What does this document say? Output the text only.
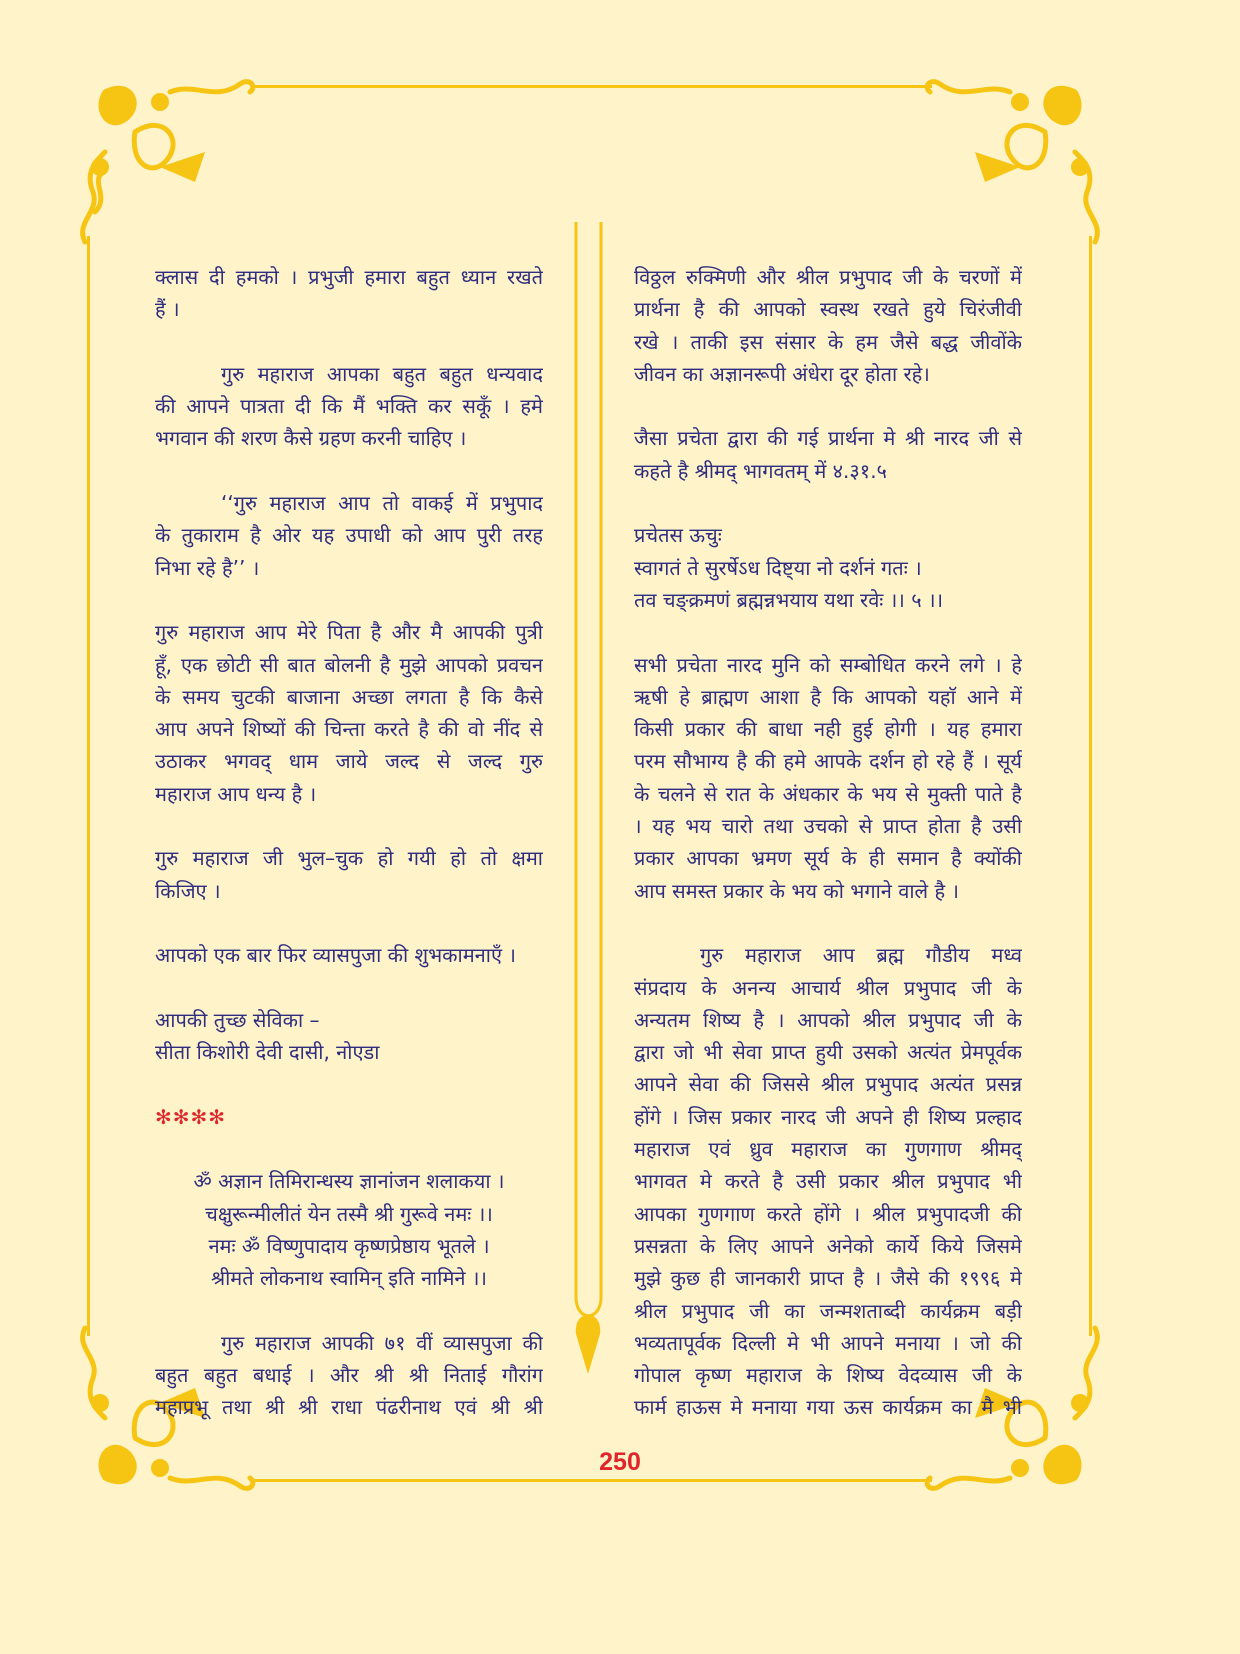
क्लास दी हमको । प्रभुजी हमारा बहुत ध्यान रखते
हैं ।
गुरु महाराज आपका बहुत बहुत धन्यवाद
की आपने पात्रता दी कि मैं भक्ति कर सकूँ । हमे
भगवान की शरण कैसे ग्रहण करनी चाहिए ।
‘‘गुरु महाराज आप तो वाकई में प्रभुपाद
के तुकाराम है ओर यह उपाधी को आप पुरी तरह
निभा रहे है’’ ।
गुरु महाराज आप मेरे पिता है और मै आपकी पुत्री
हूँ, एक छोटी सी बात बोलनी है मुझे आपको प्रवचन
के समय चुटकी बाजाना अच्छा लगता है कि कैसे
आप अपने शिष्यों की चिन्ता करते है की वो नींद से
उठाकर भगवद् धाम जाये जल्द से जल्द गुरु
महाराज आप धन्य है ।
गुरु महाराज जी भुल–चुक हो गयी हो तो क्षमा
किजिए ।
आपको एक बार फिर व्यासपुजा की शुभकामनाएँ ।
आपकी तुच्छ सेविका –
सीता किशोरी देवी दासी, नोएडा
✻✻✻✻
ॐ अज्ञान तिमिरान्धस्य ज्ञानांजन शलाकया ।
चक्षुरून्मीलीतं येन तस्मै श्री गुरूवे नमः ।।
नमः ॐ विष्णुपादाय कृष्णप्रेष्ठाय भूतले ।
श्रीमते लोकनाथ स्वामिन् इति नामिने ।।
गुरु महाराज आपकी ७१ वीं व्यासपुजा की
बहुत बहुत बधाई । और श्री श्री निताई गौरांग
महाप्रभू तथा श्री श्री राधा पंढरीनाथ एवं श्री श्री
विठ्ठल रुक्मिणी और श्रील प्रभुपाद जी के चरणों में
प्रार्थना है की आपको स्वस्थ रखते हुये चिरंजीवी
रखे । ताकी इस संसार के हम जैसे बद्ध जीवोंके
जीवन का अज्ञानरूपी अंधेरा दूर होता रहे।
जैसा प्रचेता द्वारा की गई प्रार्थना मे श्री नारद जी से
कहते है श्रीमद् भागवतम् में ४.३१.५
प्रचेतस ऊचुः
स्वागतं ते सुरर्षेऽध दिष्ट्या नो दर्शनं गतः ।
तव चङ्क्रमणं ब्रह्मन्नभयाय यथा रवेः ।। ५ ।।
सभी प्रचेता नारद मुनि को सम्बोधित करने लगे । हे
ऋषी हे ब्राह्मण आशा है कि आपको यहाॅ आने में
किसी प्रकार की बाधा नही हुई होगी । यह हमारा
परम सौभाग्य है की हमे आपके दर्शन हो रहे हैं । सूर्य
के चलने से रात के अंधकार के भय से मुक्ती पाते है
। यह भय चारो तथा उचको से प्राप्त होता है उसी
प्रकार आपका भ्रमण सूर्य के ही समान है क्योंकी
आप समस्त प्रकार के भय को भगाने वाले है ।
गुरु महाराज आप ब्रह्म गौडीय मध्व
संप्रदाय के अनन्य आचार्य श्रील प्रभुपाद जी के
अन्यतम शिष्य है । आपको श्रील प्रभुपाद जी के
द्वारा जो भी सेवा प्राप्त हुयी उसको अत्यंत प्रेमपूर्वक
आपने सेवा की जिससे श्रील प्रभुपाद अत्यंत प्रसन्न
होंगे । जिस प्रकार नारद जी अपने ही शिष्य प्रल्हाद
महाराज एवं ध्रुव महाराज का गुणगाण श्रीमद्
भागवत मे करते है उसी प्रकार श्रील प्रभुपाद भी
आपका गुणगाण करते होंगे । श्रील प्रभुपादजी की
प्रसन्नता के लिए आपने अनेको कार्ये किये जिसमे
मुझे कुछ ही जानकारी प्राप्त है । जैसे की १९९६ मे
श्रील प्रभुपाद जी का जन्मशताब्दी कार्यक्रम बड़ी
भव्यतापूर्वक दिल्ली मे भी आपने मनाया । जो की
गोपाल कृष्ण महाराज के शिष्य वेदव्यास जी के
फार्म हाऊस मे मनाया गया ऊस कार्यक्रम का मै भी
250
